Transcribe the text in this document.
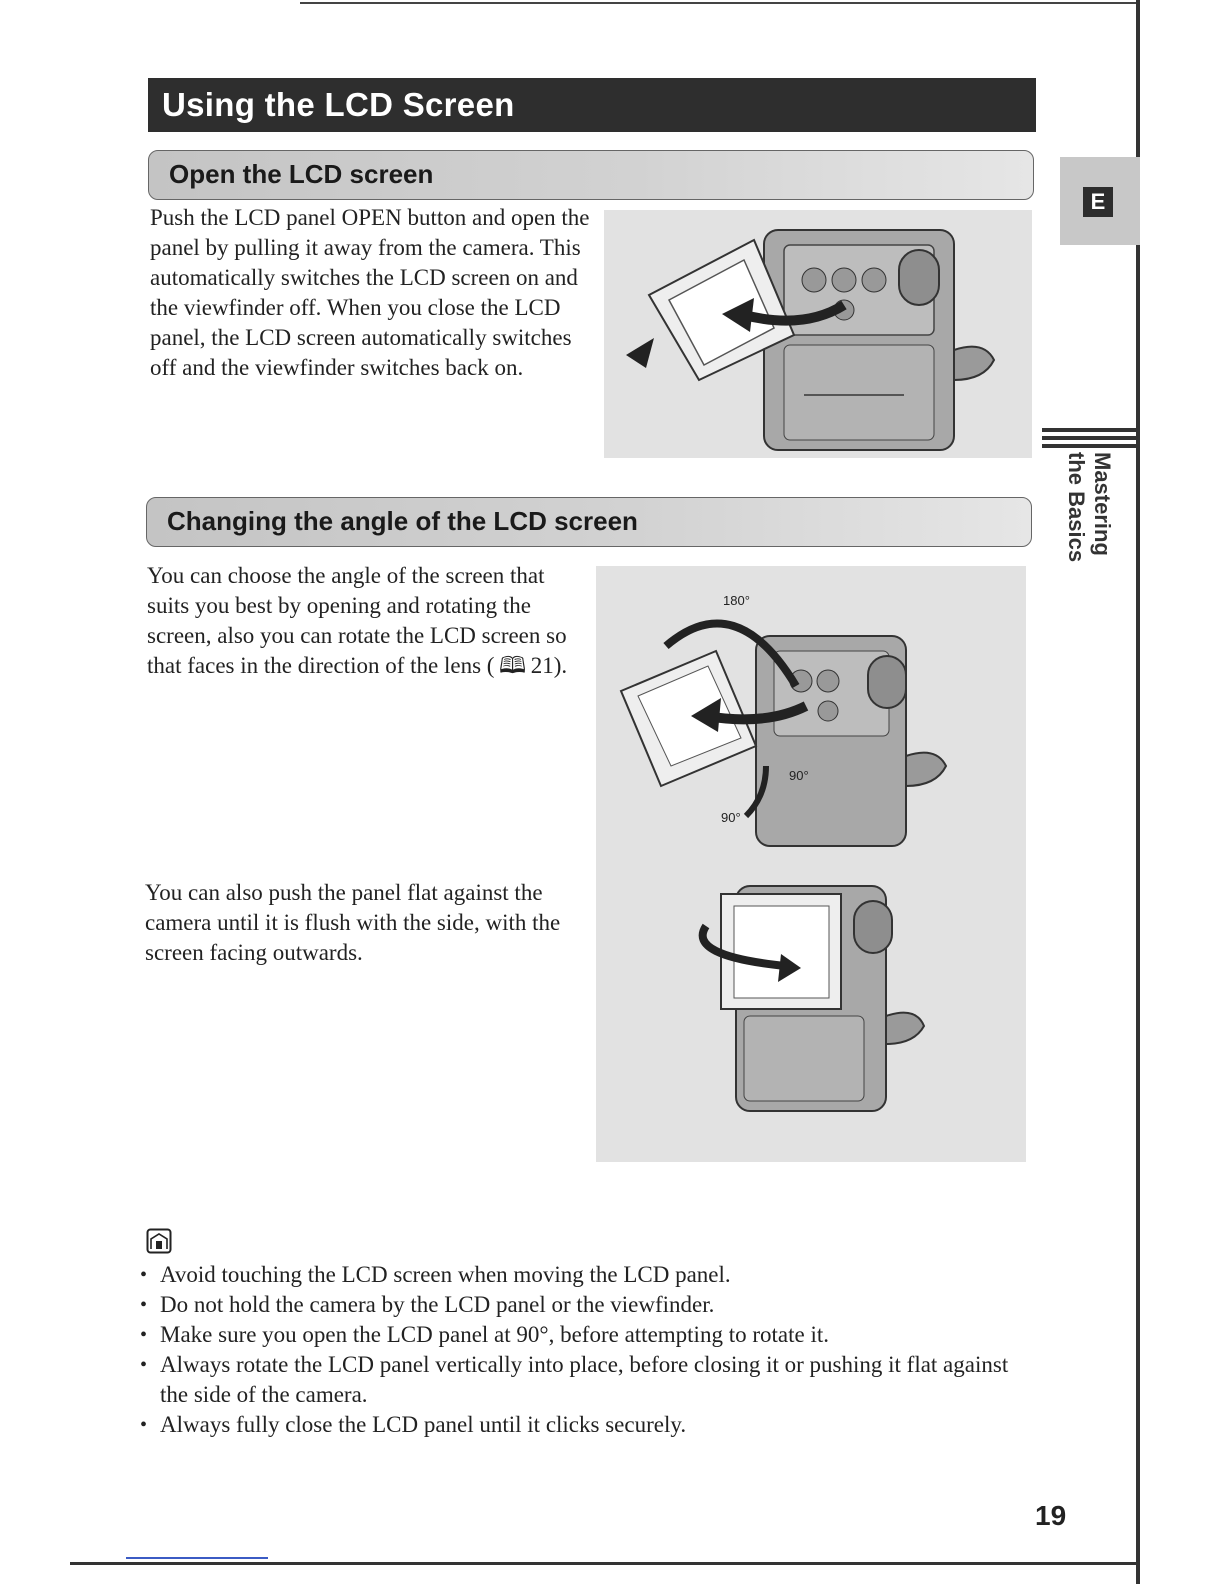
Using the LCD Screen
Open the LCD screen

Push the LCD panel OPEN button and open the panel by pulling it away from the camera. This automatically switches the LCD screen on and the viewfinder off. When you close the LCD panel, the LCD screen automatically switches off and the viewfinder switches back on.

Changing the angle of the LCD screen

You can choose the angle of the screen that suits you best by opening and rotating the screen, also you can rotate the LCD screen so that faces in the direction of the lens ( 🕮 21).

You can also push the panel flat against the camera until it is flush with the side, with the screen facing outwards.

180°
90°
90°
E
Mastering
the Basics
• Avoid touching the LCD screen when moving the LCD panel.
• Do not hold the camera by the LCD panel or the viewfinder.
• Make sure you open the LCD panel at 90°, before attempting to rotate it.
• Always rotate the LCD panel vertically into place, before closing it or pushing it flat against the side of the camera.
• Always fully close the LCD panel until it clicks securely.
19
